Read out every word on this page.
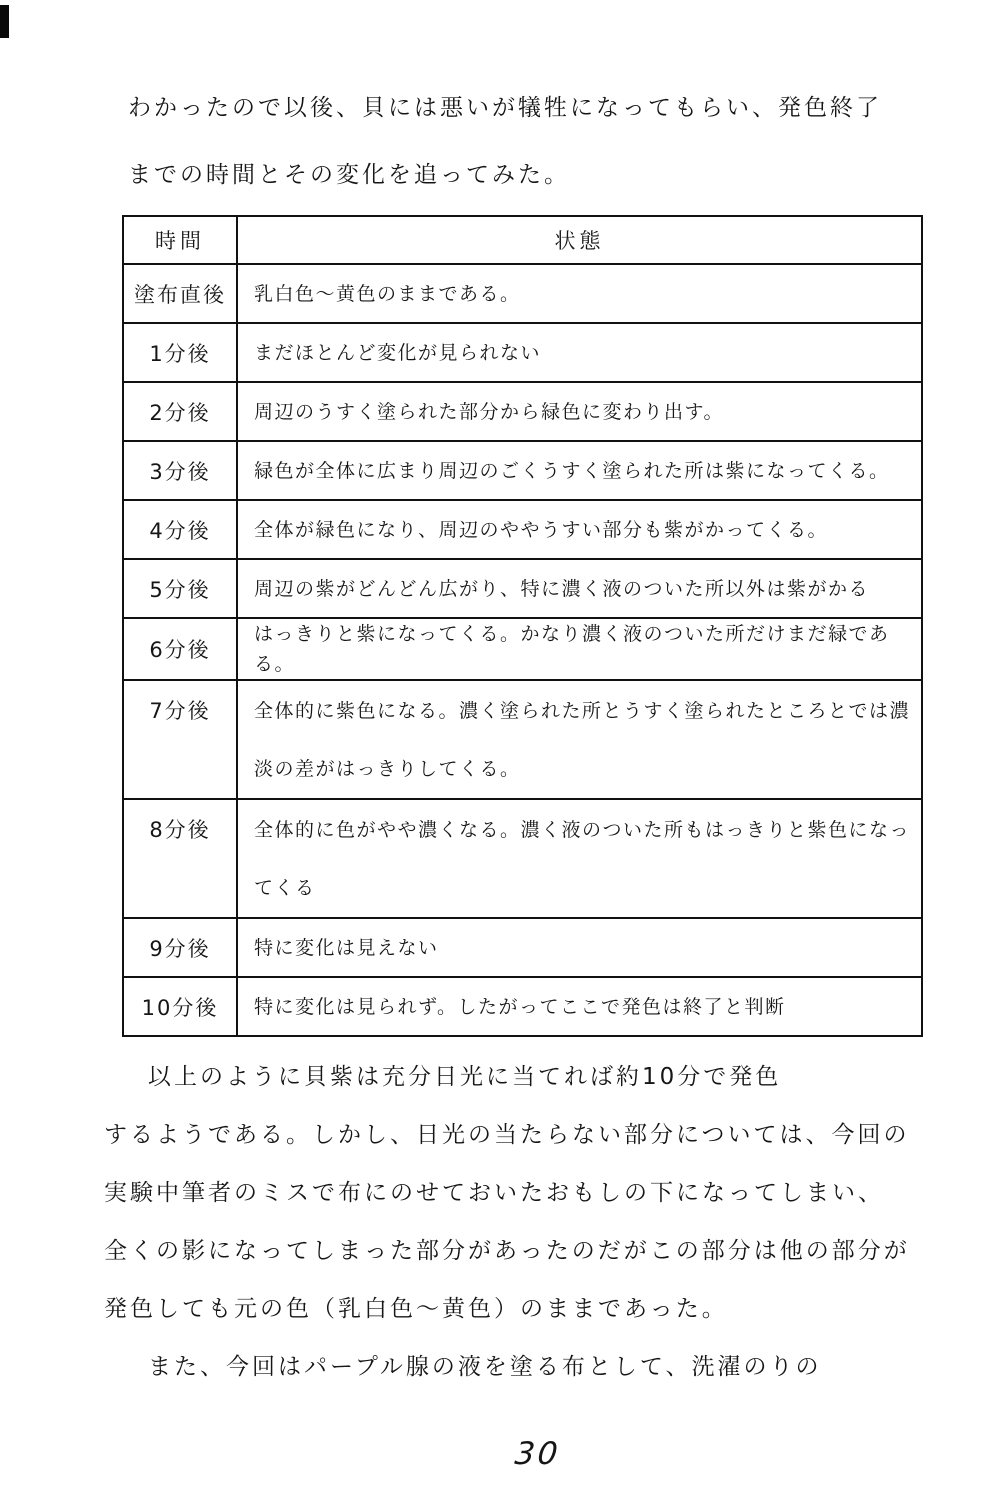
わかったので以後、貝には悪いが犠牲になってもらい、発色終了
までの時間とその変化を追ってみた。
時間	状態
塗布直後	乳白色～黄色のままである。
1分後	まだほとんど変化が見られない
2分後	周辺のうすく塗られた部分から緑色に変わり出す。
3分後	緑色が全体に広まり周辺のごくうすく塗られた所は紫になってくる。
4分後	全体が緑色になり、周辺のややうすい部分も紫がかってくる。
5分後	周辺の紫がどんどん広がり、特に濃く液のついた所以外は紫がかる
6分後	はっきりと紫になってくる。かなり濃く液のついた所だけまだ緑である。
7分後	全体的に紫色になる。濃く塗られた所とうすく塗られたところとでは濃淡の差がはっきりしてくる。
8分後	全体的に色がやや濃くなる。濃く液のついた所もはっきりと紫色になってくる
9分後	特に変化は見えない
10分後	特に変化は見られず。したがってここで発色は終了と判断
以上のように貝紫は充分日光に当てれば約10分で発色
するようである。しかし、日光の当たらない部分については、今回の
実験中筆者のミスで布にのせておいたおもしの下になってしまい、
全くの影になってしまった部分があったのだがこの部分は他の部分が
発色しても元の色（乳白色～黄色）のままであった。
また、今回はパープル腺の液を塗る布として、洗濯のりの
30
